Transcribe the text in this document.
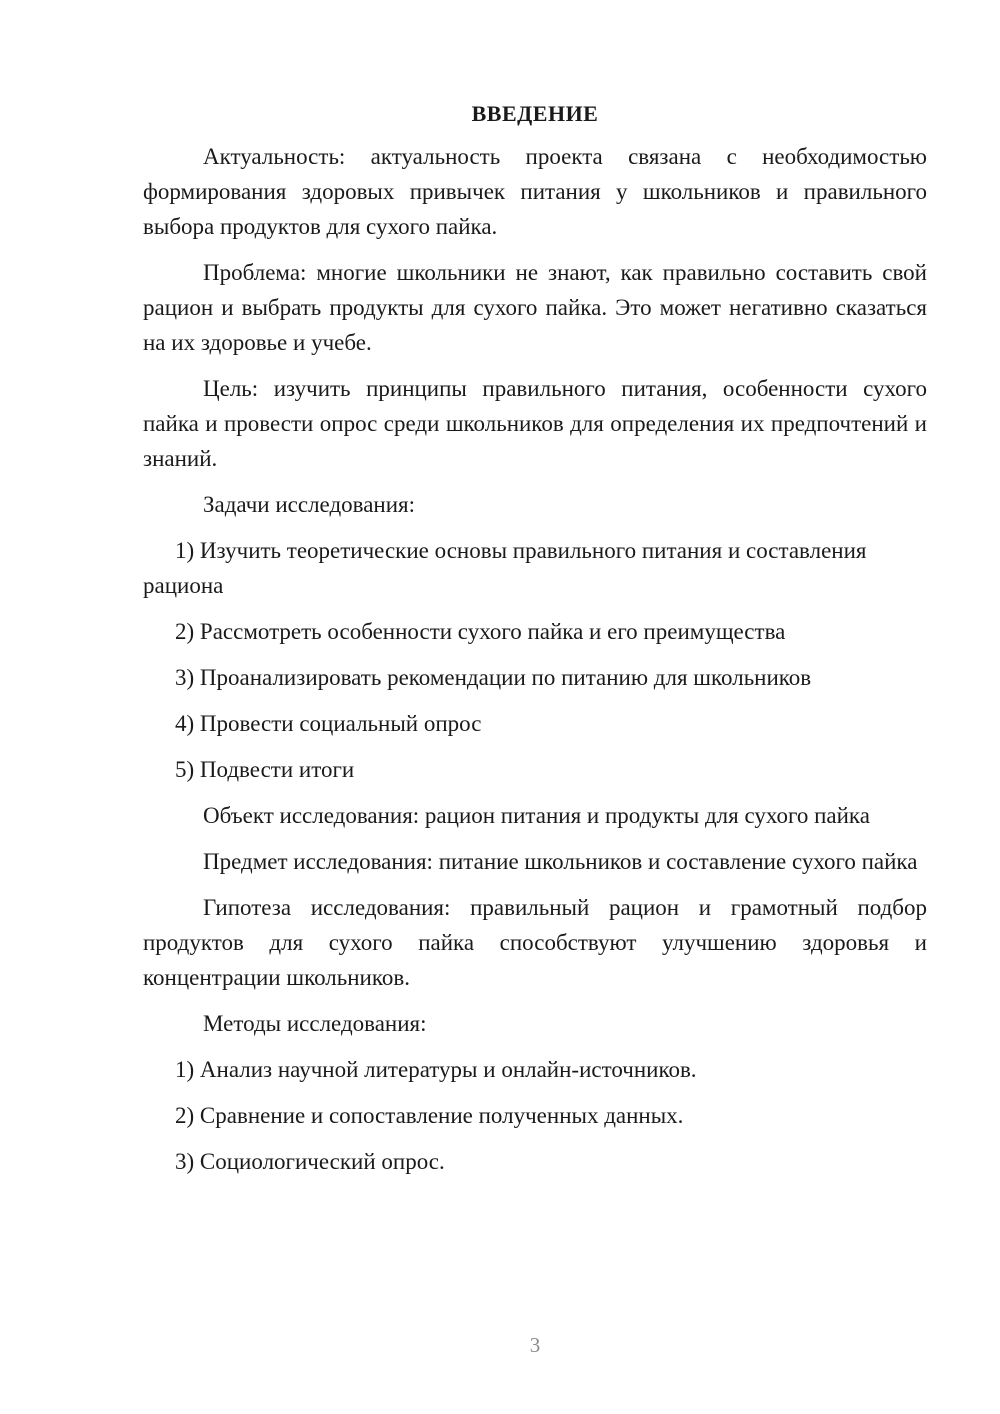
ВВЕДЕНИЕ

Актуальность: актуальность проекта связана с необходимостью формирования здоровых привычек питания у школьников и правильного выбора продуктов для сухого пайка.

Проблема: многие школьники не знают, как правильно составить свой рацион и выбрать продукты для сухого пайка. Это может негативно сказаться на их здоровье и учебе.

Цель: изучить принципы правильного питания, особенности сухого пайка и провести опрос среди школьников для определения их предпочтений и знаний.

Задачи исследования:

1) Изучить теоретические основы правильного питания и составления рациона

2) Рассмотреть особенности сухого пайка и его преимущества

3) Проанализировать рекомендации по питанию для школьников

4) Провести социальный опрос

5) Подвести итоги

Объект исследования: рацион питания и продукты для сухого пайка

Предмет исследования: питание школьников и составление сухого пайка

Гипотеза исследования: правильный рацион и грамотный подбор продуктов для сухого пайка способствуют улучшению здоровья и концентрации школьников.

Методы исследования:

1) Анализ научной литературы и онлайн-источников.

2) Сравнение и сопоставление полученных данных.

3) Социологический опрос.

3
